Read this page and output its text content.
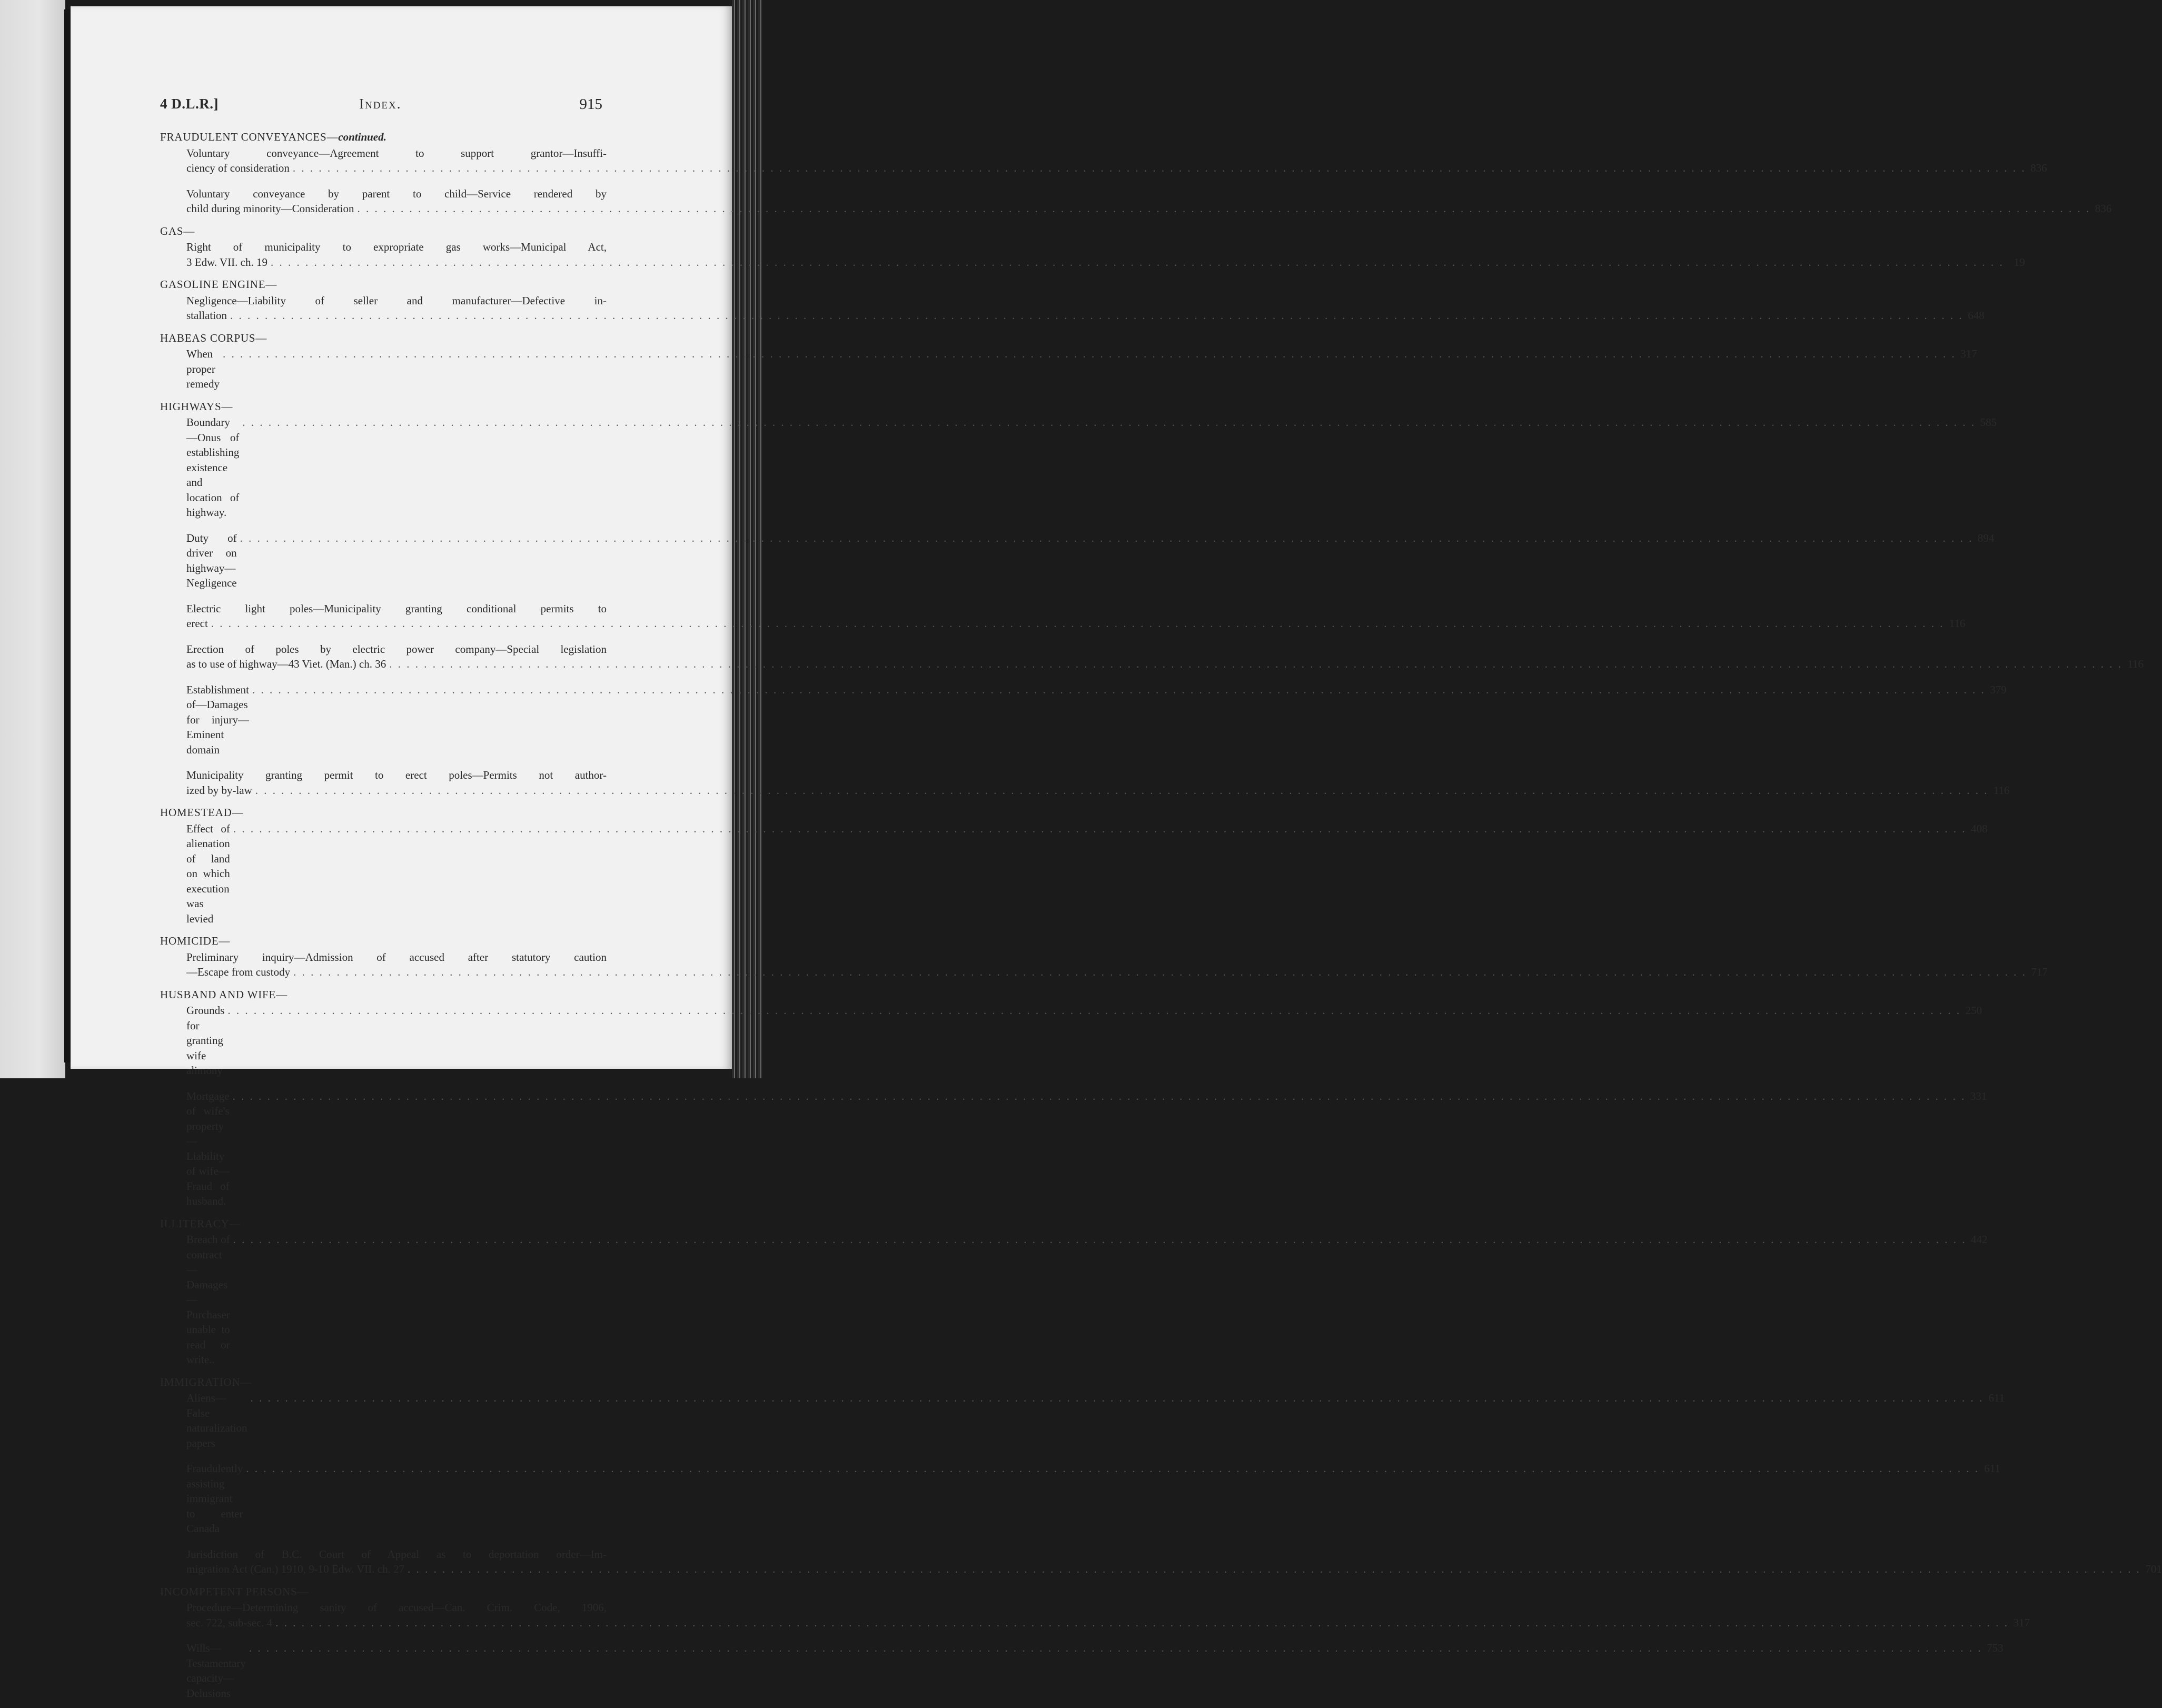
4 D.L.R.]	Index.	915
FRAUDULENT CONVEYANCES—continued.
Voluntary conveyance—Agreement to support grantor—Insuffi-
ciency of consideration . . . . . . . . . . . . . . . . . . . . . . . . . . . . . . . . . . . . . . . . . . . . . . . . . . . . . . . . . . . . . . . . . . . . . . . . . . . . . . . . . . . . . . . . . . . . . . . . . . . . . . . . . . . . . . . . . . . . . . . . . . . . . . . . . . . . . . . . . . . . . . . . . . . . . . . . . . . . . . . . . . . . . . . . . . . . . . . . . . . . . . . . . . . . . . . . . . . . . . . . 836
Voluntary conveyance by parent to child—Service rendered by
child during minority—Consideration . . . . . . . . . . . . . . . . . . . . . . . . . . . . . . . . . . . . . . . . . . . . . . . . . . . . . . . . . . . . . . . . . . . . . . . . . . . . . . . . . . . . . . . . . . . . . . . . . . . . . . . . . . . . . . . . . . . . . . . . . . . . . . . . . . . . . . . . . . . . . . . . . . . . . . . . . . . . . . . . . . . . . . . . . . . . . . . . . . . . . . . . . . . . . . . . . . . . . . . . 836
GAS—
Right of municipality to expropriate gas works—Municipal Act,
3 Edw. VII. ch. 19 . . . . . . . . . . . . . . . . . . . . . . . . . . . . . . . . . . . . . . . . . . . . . . . . . . . . . . . . . . . . . . . . . . . . . . . . . . . . . . . . . . . . . . . . . . . . . . . . . . . . . . . . . . . . . . . . . . . . . . . . . . . . . . . . . . . . . . . . . . . . . . . . . . . . . . . . . . . . . . . . . . . . . . . . . . . . . . . . . . . . . . . . . . . . . . . . . . . . . . . . 19
GASOLINE ENGINE—
Negligence—Liability of seller and manufacturer—Defective in-
stallation . . . . . . . . . . . . . . . . . . . . . . . . . . . . . . . . . . . . . . . . . . . . . . . . . . . . . . . . . . . . . . . . . . . . . . . . . . . . . . . . . . . . . . . . . . . . . . . . . . . . . . . . . . . . . . . . . . . . . . . . . . . . . . . . . . . . . . . . . . . . . . . . . . . . . . . . . . . . . . . . . . . . . . . . . . . . . . . . . . . . . . . . . . . . . . . . . . . . . . . . 648
HABEAS CORPUS—
When proper remedy
. . . . . . . . . . . . . . . . . . . . . . . . . . . . . . . . . . . . . . . . . . . . . . . . . . . . . . . . . . . . . . . . . . . . . . . . . . . . . . . . . . . . . . . . . . . . . . . . . . . . . . . . . . . . . . . . . . . . . . . . . . . . . . . . . . . . . . . . . . . . . . . . . . . . . . . . . . . . . . . . . . . . . . . . . . . . . . . . . . . . . . . . . . . . . . . . . . . . . . . . 317
HIGHWAYS—
Boundary—Onus of establishing existence and location of highway.
. . . . . . . . . . . . . . . . . . . . . . . . . . . . . . . . . . . . . . . . . . . . . . . . . . . . . . . . . . . . . . . . . . . . . . . . . . . . . . . . . . . . . . . . . . . . . . . . . . . . . . . . . . . . . . . . . . . . . . . . . . . . . . . . . . . . . . . . . . . . . . . . . . . . . . . . . . . . . . . . . . . . . . . . . . . . . . . . . . . . . . . . . . . . . . . . . . . . . . . . 585
Duty of driver on highway—Negligence
. . . . . . . . . . . . . . . . . . . . . . . . . . . . . . . . . . . . . . . . . . . . . . . . . . . . . . . . . . . . . . . . . . . . . . . . . . . . . . . . . . . . . . . . . . . . . . . . . . . . . . . . . . . . . . . . . . . . . . . . . . . . . . . . . . . . . . . . . . . . . . . . . . . . . . . . . . . . . . . . . . . . . . . . . . . . . . . . . . . . . . . . . . . . . . . . . . . . . . . . 894
Electric light poles—Municipality granting conditional permits to
erect . . . . . . . . . . . . . . . . . . . . . . . . . . . . . . . . . . . . . . . . . . . . . . . . . . . . . . . . . . . . . . . . . . . . . . . . . . . . . . . . . . . . . . . . . . . . . . . . . . . . . . . . . . . . . . . . . . . . . . . . . . . . . . . . . . . . . . . . . . . . . . . . . . . . . . . . . . . . . . . . . . . . . . . . . . . . . . . . . . . . . . . . . . . . . . . . . . . . . . . . 116
Erection of poles by electric power company—Special legislation
as to use of highway—43 Viet. (Man.) ch. 36 . . . . . . . . . . . . . . . . . . . . . . . . . . . . . . . . . . . . . . . . . . . . . . . . . . . . . . . . . . . . . . . . . . . . . . . . . . . . . . . . . . . . . . . . . . . . . . . . . . . . . . . . . . . . . . . . . . . . . . . . . . . . . . . . . . . . . . . . . . . . . . . . . . . . . . . . . . . . . . . . . . . . . . . . . . . . . . . . . . . . . . . . . . . . . . . . . . . . . . . . 116
Establishment of—Damages for injury—Eminent domain
. . . . . . . . . . . . . . . . . . . . . . . . . . . . . . . . . . . . . . . . . . . . . . . . . . . . . . . . . . . . . . . . . . . . . . . . . . . . . . . . . . . . . . . . . . . . . . . . . . . . . . . . . . . . . . . . . . . . . . . . . . . . . . . . . . . . . . . . . . . . . . . . . . . . . . . . . . . . . . . . . . . . . . . . . . . . . . . . . . . . . . . . . . . . . . . . . . . . . . . . 379
Municipality granting permit to erect poles—Permits not author-
ized by by-law . . . . . . . . . . . . . . . . . . . . . . . . . . . . . . . . . . . . . . . . . . . . . . . . . . . . . . . . . . . . . . . . . . . . . . . . . . . . . . . . . . . . . . . . . . . . . . . . . . . . . . . . . . . . . . . . . . . . . . . . . . . . . . . . . . . . . . . . . . . . . . . . . . . . . . . . . . . . . . . . . . . . . . . . . . . . . . . . . . . . . . . . . . . . . . . . . . . . . . . . 116
HOMESTEAD—
Effect of alienation of land on which execution was levied
. . . . . . . . . . . . . . . . . . . . . . . . . . . . . . . . . . . . . . . . . . . . . . . . . . . . . . . . . . . . . . . . . . . . . . . . . . . . . . . . . . . . . . . . . . . . . . . . . . . . . . . . . . . . . . . . . . . . . . . . . . . . . . . . . . . . . . . . . . . . . . . . . . . . . . . . . . . . . . . . . . . . . . . . . . . . . . . . . . . . . . . . . . . . . . . . . . . . . . . . 408
HOMICIDE—
Preliminary inquiry—Admission of accused after statutory caution
—Escape from custody . . . . . . . . . . . . . . . . . . . . . . . . . . . . . . . . . . . . . . . . . . . . . . . . . . . . . . . . . . . . . . . . . . . . . . . . . . . . . . . . . . . . . . . . . . . . . . . . . . . . . . . . . . . . . . . . . . . . . . . . . . . . . . . . . . . . . . . . . . . . . . . . . . . . . . . . . . . . . . . . . . . . . . . . . . . . . . . . . . . . . . . . . . . . . . . . . . . . . . . . 717
HUSBAND AND WIFE—
Grounds for granting wife alimony
. . . . . . . . . . . . . . . . . . . . . . . . . . . . . . . . . . . . . . . . . . . . . . . . . . . . . . . . . . . . . . . . . . . . . . . . . . . . . . . . . . . . . . . . . . . . . . . . . . . . . . . . . . . . . . . . . . . . . . . . . . . . . . . . . . . . . . . . . . . . . . . . . . . . . . . . . . . . . . . . . . . . . . . . . . . . . . . . . . . . . . . . . . . . . . . . . . . . . . . . 250
Mortgage of wife's property—Liability of wife—Fraud of husband.
. . . . . . . . . . . . . . . . . . . . . . . . . . . . . . . . . . . . . . . . . . . . . . . . . . . . . . . . . . . . . . . . . . . . . . . . . . . . . . . . . . . . . . . . . . . . . . . . . . . . . . . . . . . . . . . . . . . . . . . . . . . . . . . . . . . . . . . . . . . . . . . . . . . . . . . . . . . . . . . . . . . . . . . . . . . . . . . . . . . . . . . . . . . . . . . . . . . . . . . . 331
ILLITERACY—
Breach of contract—Damages—Purchaser unable to read or write..
. . . . . . . . . . . . . . . . . . . . . . . . . . . . . . . . . . . . . . . . . . . . . . . . . . . . . . . . . . . . . . . . . . . . . . . . . . . . . . . . . . . . . . . . . . . . . . . . . . . . . . . . . . . . . . . . . . . . . . . . . . . . . . . . . . . . . . . . . . . . . . . . . . . . . . . . . . . . . . . . . . . . . . . . . . . . . . . . . . . . . . . . . . . . . . . . . . . . . . . . 442
IMMIGRATION—
Aliens—False naturalization papers
. . . . . . . . . . . . . . . . . . . . . . . . . . . . . . . . . . . . . . . . . . . . . . . . . . . . . . . . . . . . . . . . . . . . . . . . . . . . . . . . . . . . . . . . . . . . . . . . . . . . . . . . . . . . . . . . . . . . . . . . . . . . . . . . . . . . . . . . . . . . . . . . . . . . . . . . . . . . . . . . . . . . . . . . . . . . . . . . . . . . . . . . . . . . . . . . . . . . . . . . 611
Fraudulently assisting immigrant to enter Canada
. . . . . . . . . . . . . . . . . . . . . . . . . . . . . . . . . . . . . . . . . . . . . . . . . . . . . . . . . . . . . . . . . . . . . . . . . . . . . . . . . . . . . . . . . . . . . . . . . . . . . . . . . . . . . . . . . . . . . . . . . . . . . . . . . . . . . . . . . . . . . . . . . . . . . . . . . . . . . . . . . . . . . . . . . . . . . . . . . . . . . . . . . . . . . . . . . . . . . . . . 611
Jurisdiction of B.C. Court of Appeal as to deportation order—Im-
migration Act (Can.) 1910, 9-10 Edw. VII. ch. 27 . . . . . . . . . . . . . . . . . . . . . . . . . . . . . . . . . . . . . . . . . . . . . . . . . . . . . . . . . . . . . . . . . . . . . . . . . . . . . . . . . . . . . . . . . . . . . . . . . . . . . . . . . . . . . . . . . . . . . . . . . . . . . . . . . . . . . . . . . . . . . . . . . . . . . . . . . . . . . . . . . . . . . . . . . . . . . . . . . . . . . . . . . . . . . . . . . . . . . . . . 701
INCOMPETENT PERSONS—
Procedure—Determining sanity of accused—Can. Crim. Code, 1906,
sec. 722, sub-sec. 4 . . . . . . . . . . . . . . . . . . . . . . . . . . . . . . . . . . . . . . . . . . . . . . . . . . . . . . . . . . . . . . . . . . . . . . . . . . . . . . . . . . . . . . . . . . . . . . . . . . . . . . . . . . . . . . . . . . . . . . . . . . . . . . . . . . . . . . . . . . . . . . . . . . . . . . . . . . . . . . . . . . . . . . . . . . . . . . . . . . . . . . . . . . . . . . . . . . . . . . . . 317
Wills—Testamentary capacity—Delusions
. . . . . . . . . . . . . . . . . . . . . . . . . . . . . . . . . . . . . . . . . . . . . . . . . . . . . . . . . . . . . . . . . . . . . . . . . . . . . . . . . . . . . . . . . . . . . . . . . . . . . . . . . . . . . . . . . . . . . . . . . . . . . . . . . . . . . . . . . . . . . . . . . . . . . . . . . . . . . . . . . . . . . . . . . . . . . . . . . . . . . . . . . . . . . . . . . . . . . . . . 753
